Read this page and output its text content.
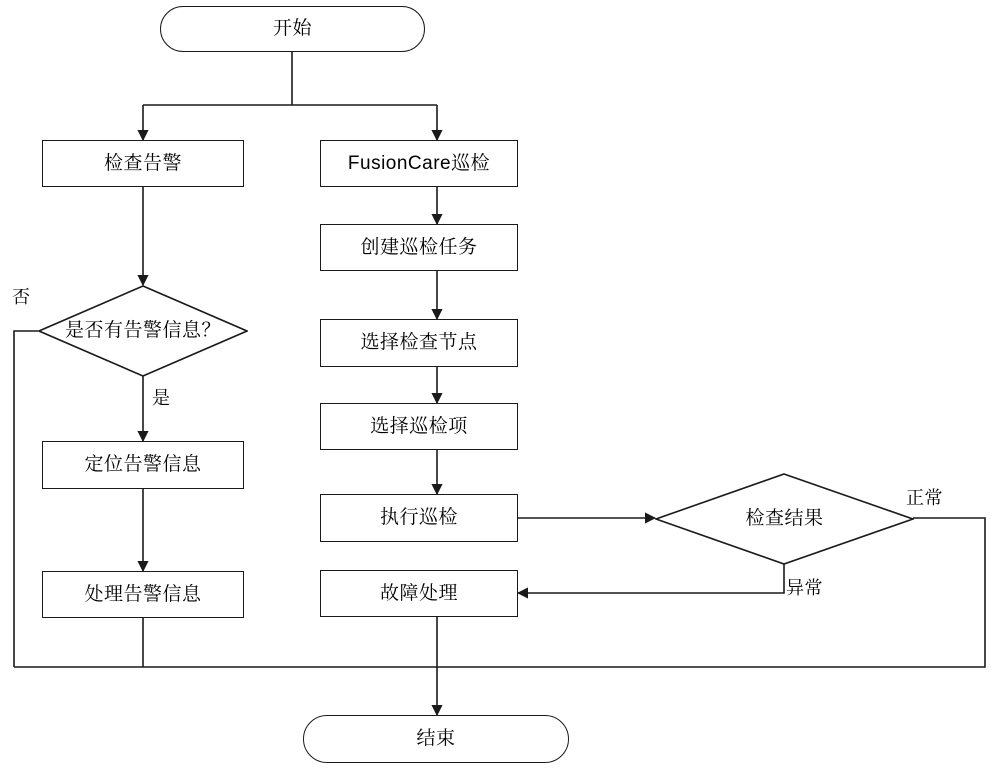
开始
检查告警	FusionCare巡检
创建巡检任务
选择检查节点
选择巡检项
执行巡检
故障处理
定位告警信息
处理告警信息
结束
是否有告警信息？
检查结果
否
是
正常
异常
